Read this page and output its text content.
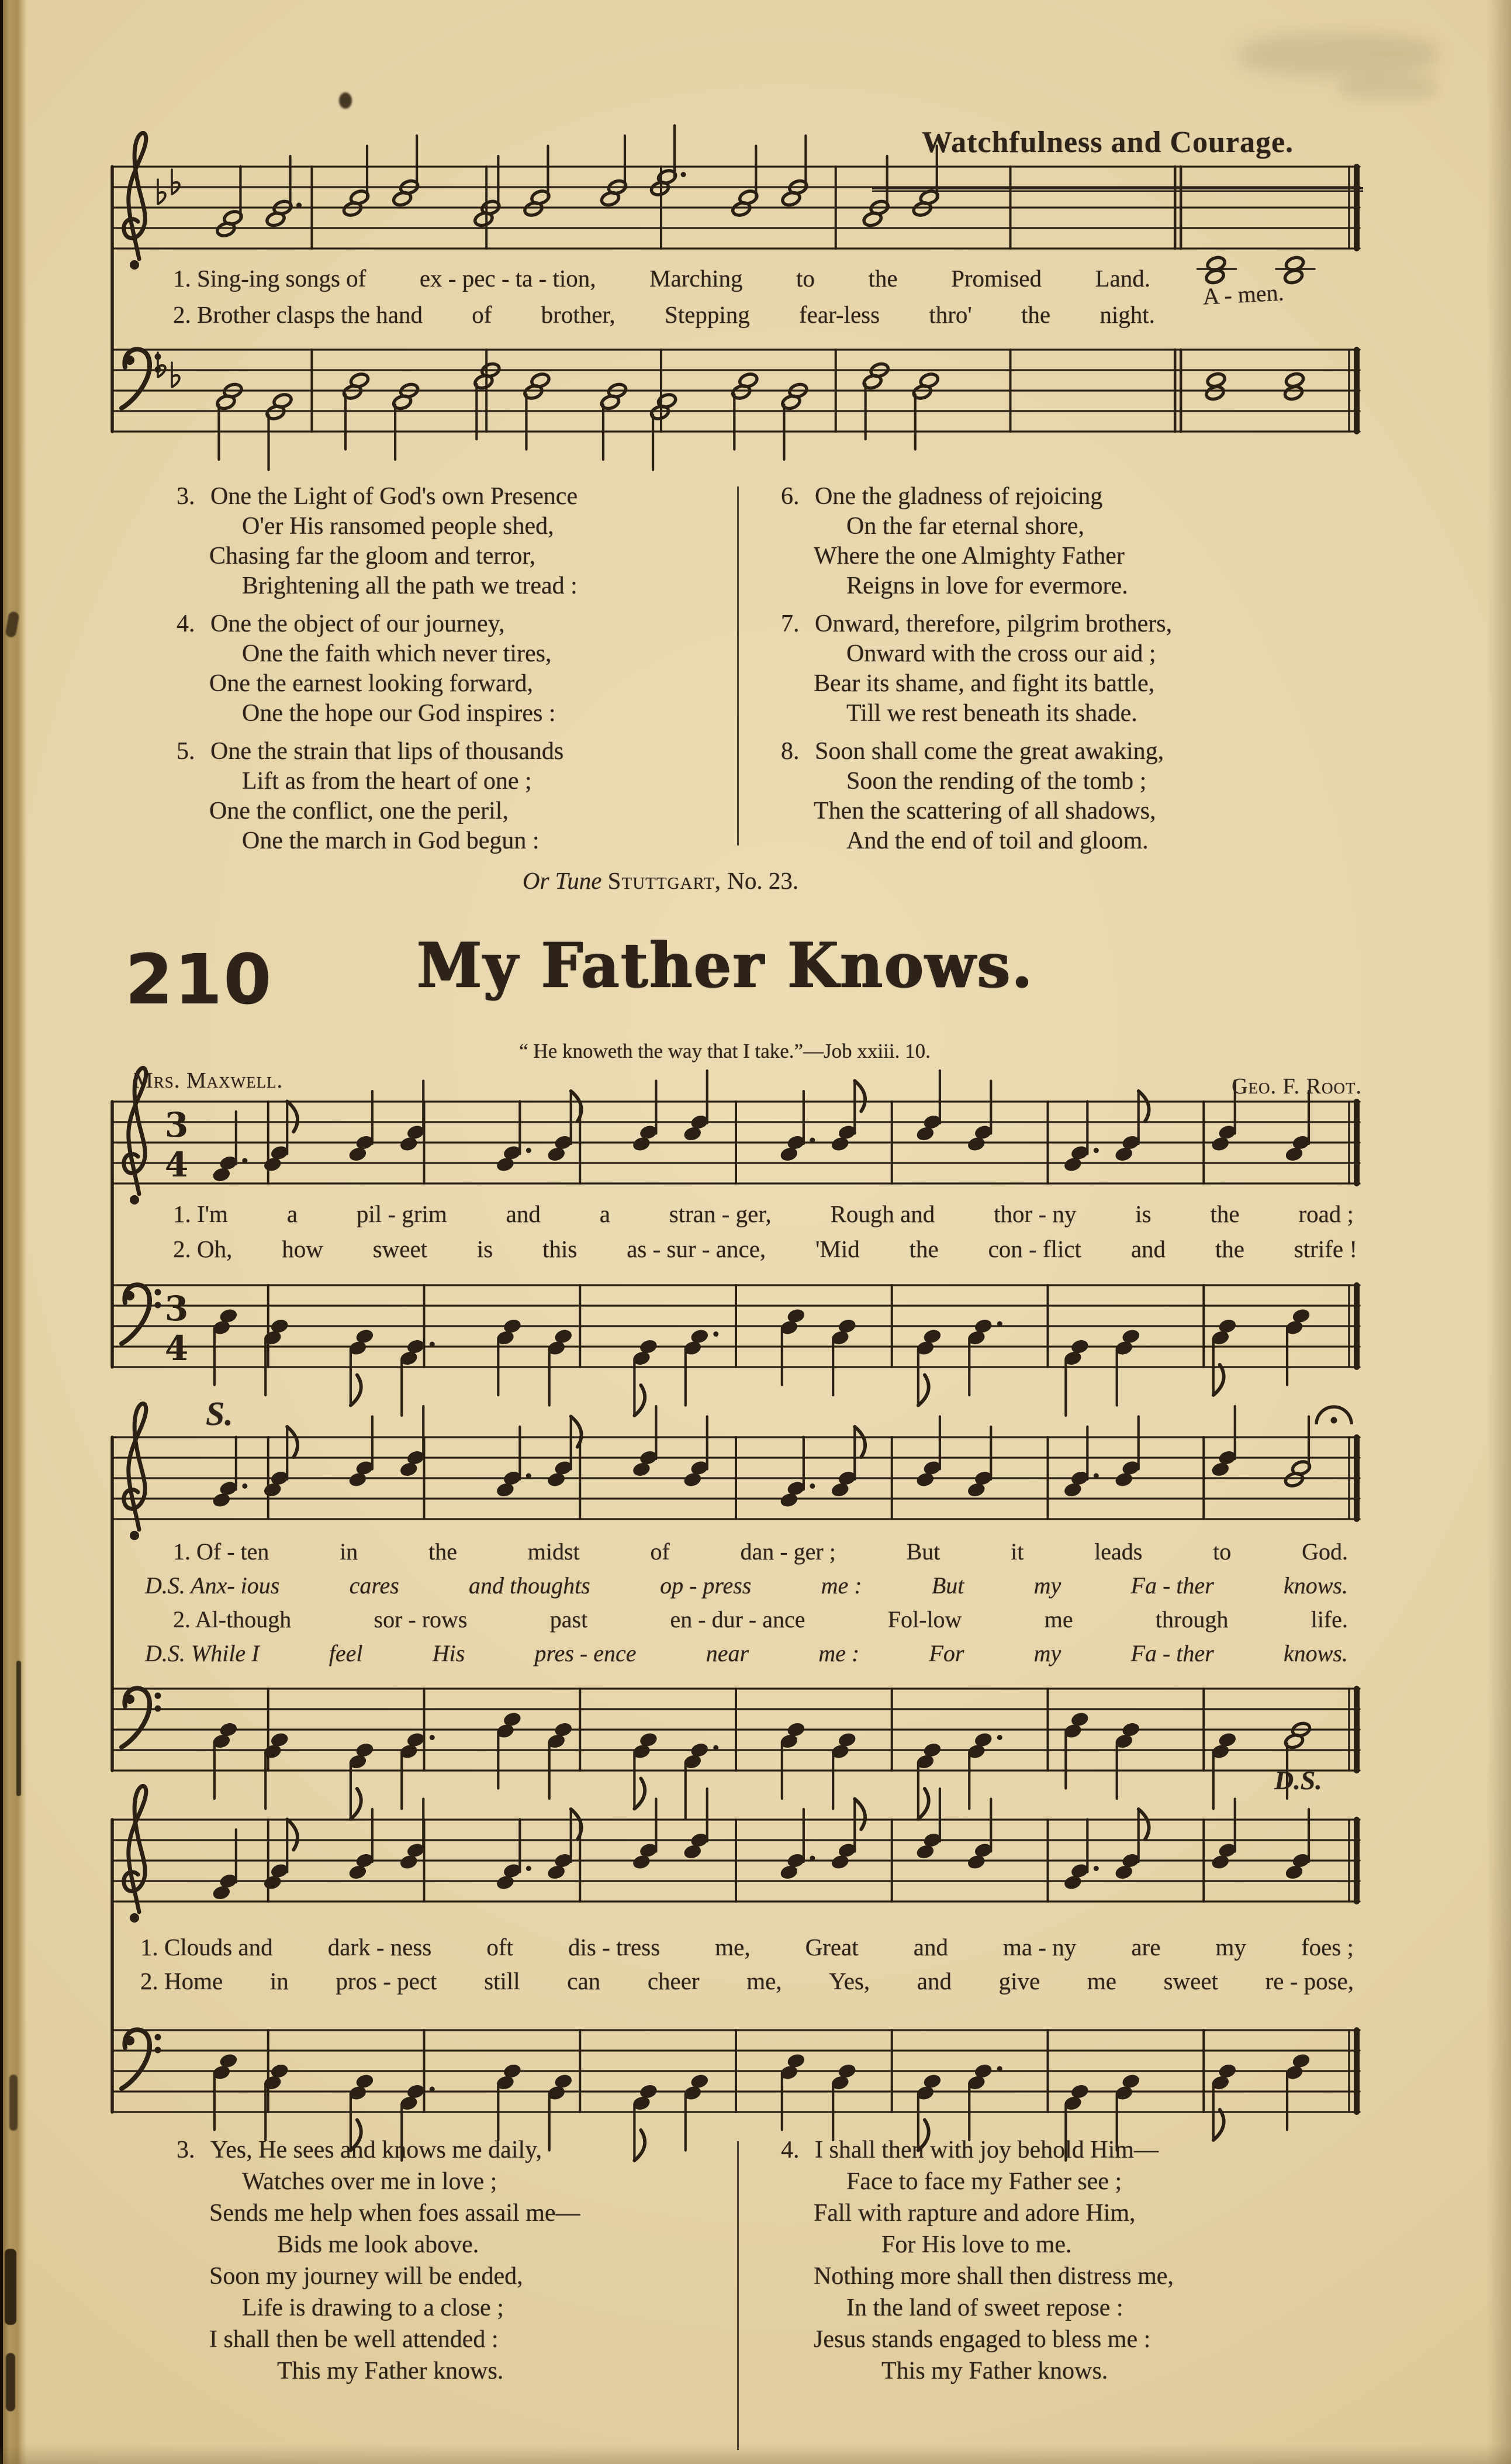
3
4
3
4
Watchfulness and Courage.
1. Sing-ing songs of ex - pec - ta - tion, Marching to the Promised Land.
2. Brother clasps the hand of brother, Stepping fear-less thro' the night.
A - men.
3. One the Light of God's own Presence
O'er His ransomed people shed,
Chasing far the gloom and terror,
Brightening all the path we tread :
4. One the object of our journey,
One the faith which never tires,
One the earnest looking forward,
One the hope our God inspires :
5. One the strain that lips of thousands
Lift as from the heart of one ;
One the conflict, one the peril,
One the march in God begun :
6. One the gladness of rejoicing
On the far eternal shore,
Where the one Almighty Father
Reigns in love for evermore.
7. Onward, therefore, pilgrim brothers,
Onward with the cross our aid ;
Bear its shame, and fight its battle,
Till we rest beneath its shade.
8. Soon shall come the great awaking,
Soon the rending of the tomb ;
Then the scattering of all shadows,
And the end of toil and gloom.
Or Tune Stuttgart, No. 23.
210	My Father Knows.
“ He knoweth the way that I take.”—Job xxiii. 10.
Mrs. Maxwell.	Geo. F. Root.
1. I'm a pil - grim and a stran - ger, Rough and thor - ny is the road ;
2. Oh, how sweet is this as - sur - ance, 'Mid the con - flict and the strife !
S.
1. Of - ten	in	the	midst	of	dan - ger ;	But	it	leads	to	God.
D.S. Anx- ious	cares	and thoughts	op - press	me :	But	my	Fa - ther	knows.
2. Al-though	sor - rows	past	en - dur - ance	Fol-low	me	through	life.
D.S. While I	feel	His	pres - ence	near	me :	For	my	Fa - ther	knows.
D.S.
1. Clouds and dark - ness oft dis - tress me, Great and ma - ny are my foes ;
2. Home in pros - pect still can cheer me, Yes, and give me sweet re - pose,
3. Yes, He sees and knows me daily,
Watches over me in love ;
Sends me help when foes assail me—
Bids me look above.
Soon my journey will be ended,
Life is drawing to a close ;
I shall then be well attended :
This my Father knows.
4. I shall then with joy behold Him—
Face to face my Father see ;
Fall with rapture and adore Him,
For His love to me.
Nothing more shall then distress me,
In the land of sweet repose :
Jesus stands engaged to bless me :
This my Father knows.
